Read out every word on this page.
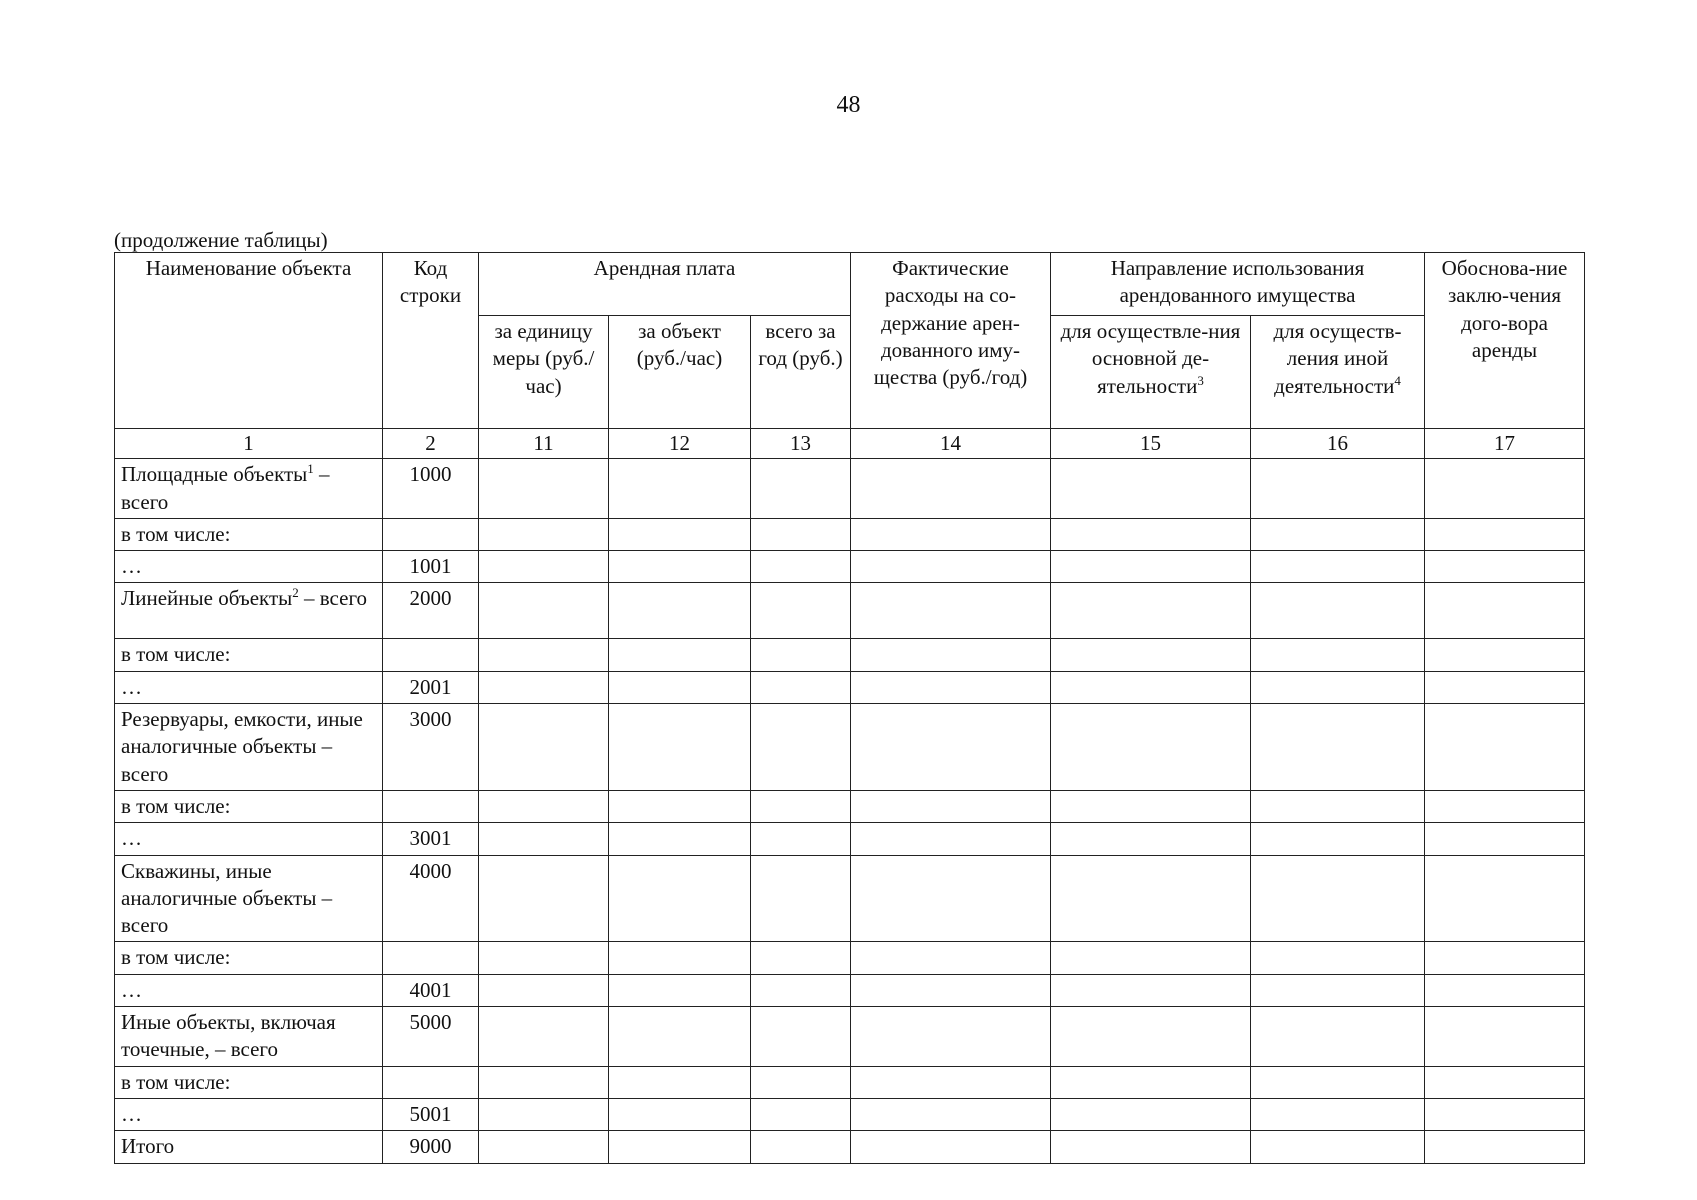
48
(продолжение таблицы)
Наименование объекта	Код строки	Арендная плата			Фактические расходы на со-держание арен-дованного иму-щества (руб./год)	Направление использования арендованного имущества		Обоснова-ние заклю-чения дого-вора аренды
		за единицу меры (руб./час)	за объект (руб./час)	всего за год (руб.)		для осуществле-ния основной де-ятельности$^3$	для осуществ-ления иной деятельности$^4$
1	2	11	12	13	14	15	16	17
Площадные объекты$^1$ – всего	1000							
в том числе:								
…	1001							
Линейные объекты$^2$ – всего	2000							
в том числе:								
…	2001							
Резервуары, емкости, иные аналогичные объекты – всего	3000							
в том числе:								
…	3001							
Скважины, иные аналогичные объекты – всего	4000							
в том числе:								
…	4001							
Иные объекты, включая точечные, – всего	5000							
в том числе:								
…	5001							
Итого	9000							
